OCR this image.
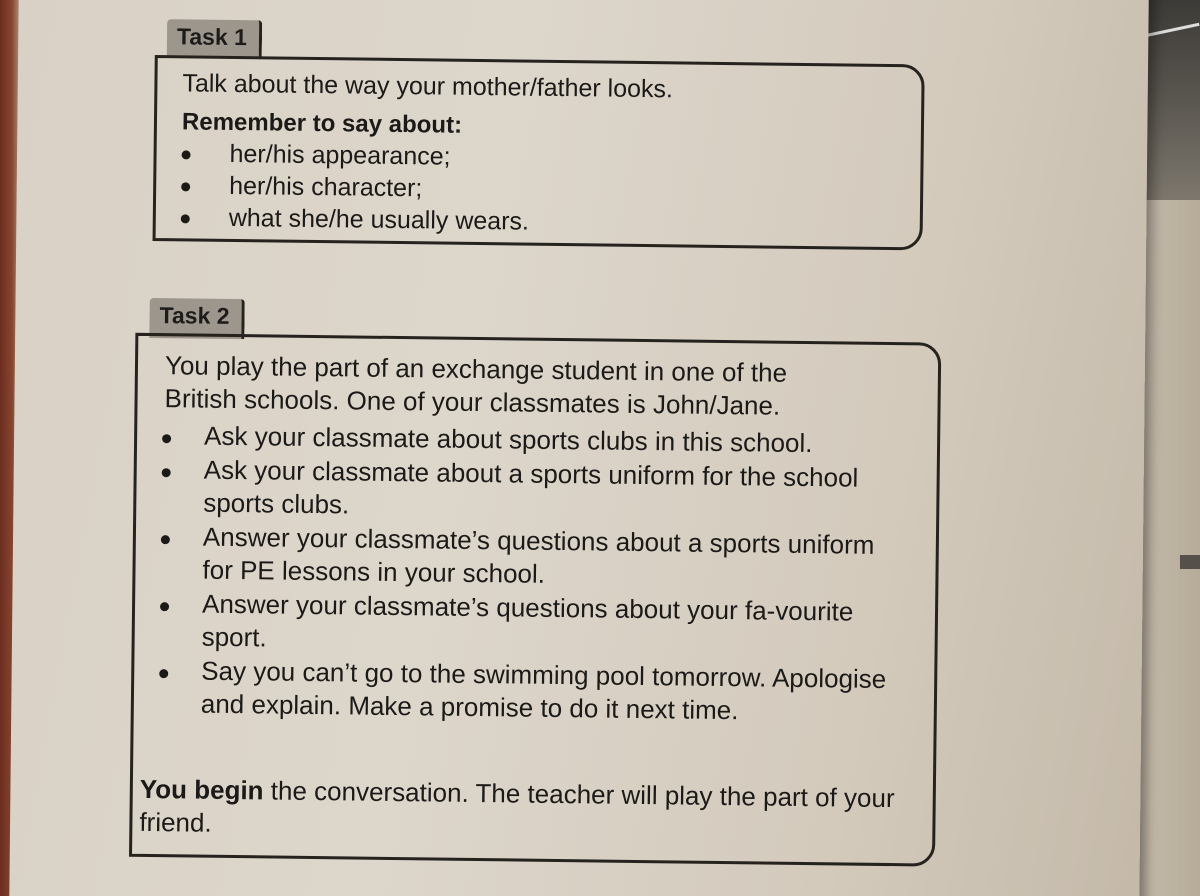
Task 1
Talk about the way your mother/father looks.
Remember to say about:
her/his appearance;
her/his character;
what she/he usually wears.
Task 2
You play the part of an exchange student in one of the
British schools. One of your classmates is John/Jane.
Ask your classmate about sports clubs in this school.
Ask your classmate about a sports uniform for the school sports clubs.
Answer your classmate’s questions about a sports uniform for PE lessons in your school.
Answer your classmate’s questions about your fa-vourite sport.
Say you can’t go to the swimming pool tomorrow. Apologise and explain. Make a promise to do it next time.
You begin the conversation. The teacher will play the part of your friend.
